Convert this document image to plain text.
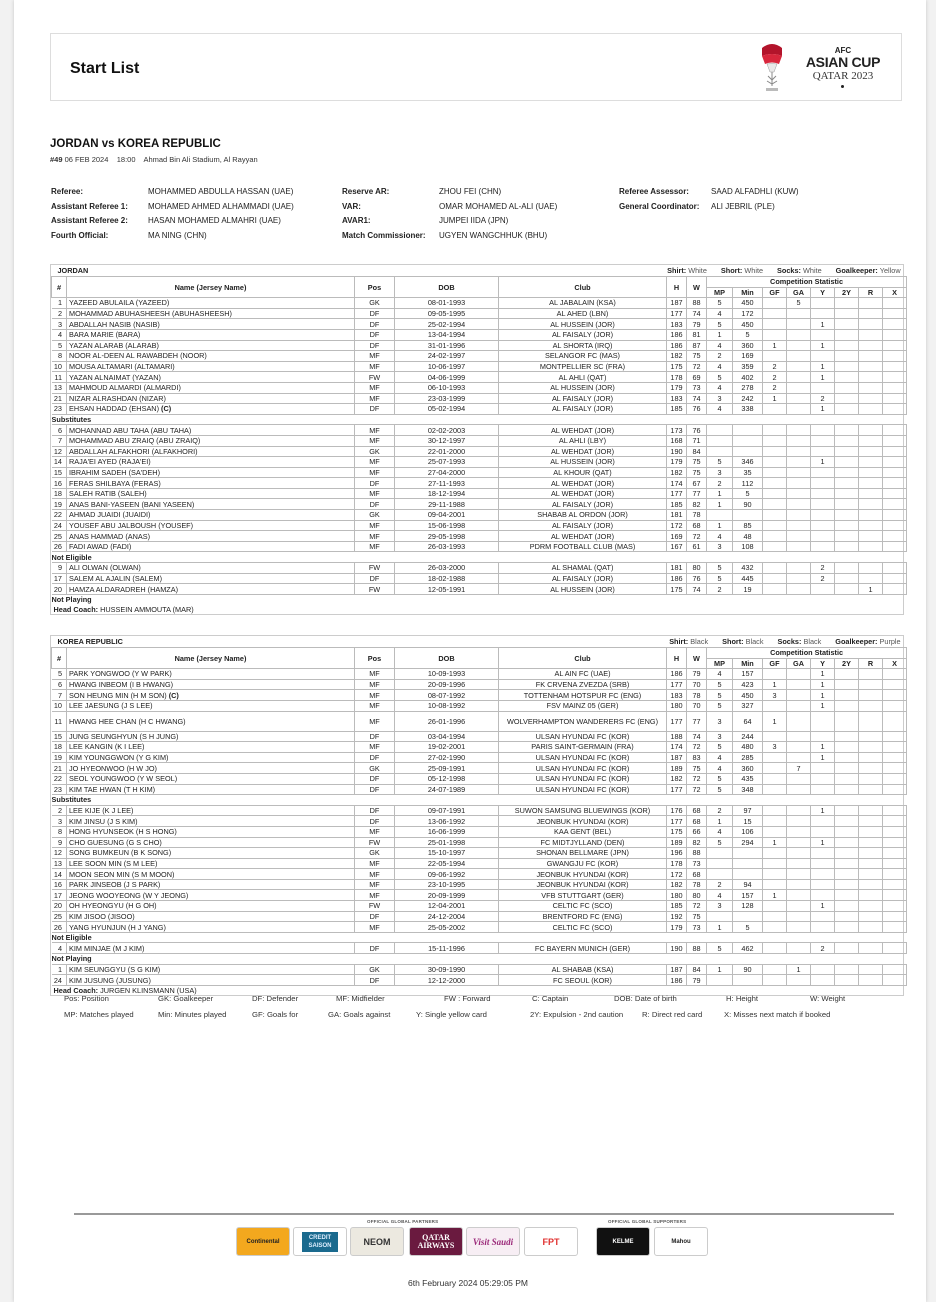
Start List
AFC
ASIAN CUP
QATAR 2023
JORDAN vs KOREA REPUBLIC
#49 06 FEB 2024 18:00 Ahmad Bin Ali Stadium, Al Rayyan
Referee:	MOHAMMED ABDULLA HASSAN (UAE)
Assistant Referee 1:	MOHAMED AHMED ALHAMMADI (UAE)
Assistant Referee 2:	HASAN MOHAMED ALMAHRI (UAE)
Fourth Official:	MA NING (CHN)
Reserve AR:	ZHOU FEI (CHN)
VAR:	OMAR MOHAMED AL-ALI (UAE)
AVAR1:	JUMPEI IIDA (JPN)
Match Commissioner: UGYEN WANGCHHUK (BHU)
Referee Assessor:	SAAD ALFADHLI (KUW)
General Coordinator: ALI JEBRIL (PLE)
JORDAN			Shirt: White Short: White Socks: White Goalkeeper: Yellow											
#	Name (Jersey Name)	Pos	DOB	Club	H	W	Competition Statistic							
							MP	Min	GF	GA	Y	2Y	R	X
1	YAZEED ABULAILA (YAZEED)	GK	08-01-1993	AL JABALAIN (KSA)	187	88	5	450		5				
2	MOHAMMAD ABUHASHEESH (ABUHASHEESH)	DF	09-05-1995	AL AHED (LBN)	177	74	4	172						
3	ABDALLAH NASIB (NASIB)	DF	25-02-1994	AL HUSSEIN (JOR)	183	79	5	450			1			
4	BARA MARIE (BARA)	DF	13-04-1994	AL FAISALY (JOR)	186	81	1	5						
5	YAZAN ALARAB (ALARAB)	DF	31-01-1996	AL SHORTA (IRQ)	186	87	4	360	1		1			
8	NOOR AL-DEEN AL RAWABDEH (NOOR)	MF	24-02-1997	SELANGOR FC (MAS)	182	75	2	169						
10	MOUSA ALTAMARI (ALTAMARI)	MF	10-06-1997	MONTPELLIER SC (FRA)	175	72	4	359	2		1			
11	YAZAN ALNAIMAT (YAZAN)	FW	04-06-1999	AL AHLI (QAT)	178	69	5	402	2		1			
13	MAHMOUD ALMARDI (ALMARDI)	MF	06-10-1993	AL HUSSEIN (JOR)	179	73	4	278	2					
21	NIZAR ALRASHDAN (NIZAR)	MF	23-03-1999	AL FAISALY (JOR)	183	74	3	242	1		2			
23	EHSAN HADDAD (EHSAN) (C)	DF	05-02-1994	AL FAISALY (JOR)	185	76	4	338			1			
Substitutes														
6	MOHANNAD ABU TAHA (ABU TAHA)	MF	02-02-2003	AL WEHDAT (JOR)	173	76								
7	MOHAMMAD ABU ZRAIQ (ABU ZRAIQ)	MF	30-12-1997	AL AHLI (LBY)	168	71								
12	ABDALLAH ALFAKHORI (ALFAKHORI)	GK	22-01-2000	AL WEHDAT (JOR)	190	84								
14	RAJA'EI AYED (RAJA'EI)	MF	25-07-1993	AL HUSSEIN (JOR)	179	75	5	346			1			
15	IBRAHIM SADEH (SA'DEH)	MF	27-04-2000	AL KHOUR (QAT)	182	75	3	35						
16	FERAS SHILBAYA (FERAS)	DF	27-11-1993	AL WEHDAT (JOR)	174	67	2	112						
18	SALEH RATIB (SALEH)	MF	18-12-1994	AL WEHDAT (JOR)	177	77	1	5						
19	ANAS BANI-YASEEN (BANI YASEEN)	DF	29-11-1988	AL FAISALY (JOR)	185	82	1	90						
22	AHMAD JUAIDI (JUAIDI)	GK	09-04-2001	SHABAB AL ORDON (JOR)	181	78								
24	YOUSEF ABU JALBOUSH (YOUSEF)	MF	15-06-1998	AL FAISALY (JOR)	172	68	1	85						
25	ANAS HAMMAD (ANAS)	MF	29-05-1998	AL WEHDAT (JOR)	169	72	4	48						
26	FADI AWAD (FADI)	MF	26-03-1993	PDRM FOOTBALL CLUB (MAS)	167	61	3	108						
Not Eligible														
9	ALI OLWAN (OLWAN)	FW	26-03-2000	AL SHAMAL (QAT)	181	80	5	432			2			
17	SALEM AL AJALIN (SALEM)	DF	18-02-1988	AL FAISALY (JOR)	186	76	5	445			2			
20	HAMZA ALDARADREH (HAMZA)	FW	12-05-1991	AL HUSSEIN (JOR)	175	74	2	19					1	
Not Playing														
Head Coach: HUSSEIN AMMOUTA (MAR)														
KOREA REPUBLIC			Shirt: Black Short: Black Socks: Black Goalkeeper: Purple											
#	Name (Jersey Name)	Pos	DOB	Club	H	W	Competition Statistic							
							MP	Min	GF	GA	Y	2Y	R	X
5	PARK YONGWOO (Y W PARK)	MF	10-09-1993	AL AIN FC (UAE)	186	79	4	157			1			
6	HWANG INBEOM (I B HWANG)	MF	20-09-1996	FK CRVENA ZVEZDA (SRB)	177	70	5	423	1		1			
7	SON HEUNG MIN (H M SON) (C)	MF	08-07-1992	TOTTENHAM HOTSPUR FC (ENG)	183	78	5	450	3		1			
10	LEE JAESUNG (J S LEE)	MF	10-08-1992	FSV MAINZ 05 (GER)	180	70	5	327			1			
11	HWANG HEE CHAN (H C HWANG)	MF	26-01-1996	WOLVERHAMPTON WANDERERS FC (ENG)	177	77	3	64	1					
15	JUNG SEUNGHYUN (S H JUNG)	DF	03-04-1994	ULSAN HYUNDAI FC (KOR)	188	74	3	244						
18	LEE KANGIN (K I LEE)	MF	19-02-2001	PARIS SAINT-GERMAIN (FRA)	174	72	5	480	3		1			
19	KIM YOUNGGWON (Y G KIM)	DF	27-02-1990	ULSAN HYUNDAI FC (KOR)	187	83	4	285			1			
21	JO HYEONWOO (H W JO)	GK	25-09-1991	ULSAN HYUNDAI FC (KOR)	189	75	4	360		7				
22	SEOL YOUNGWOO (Y W SEOL)	DF	05-12-1998	ULSAN HYUNDAI FC (KOR)	182	72	5	435						
23	KIM TAE HWAN (T H KIM)	DF	24-07-1989	ULSAN HYUNDAI FC (KOR)	177	72	5	348						
Substitutes														
2	LEE KIJE (K J LEE)	DF	09-07-1991	SUWON SAMSUNG BLUEWINGS (KOR)	176	68	2	97			1			
3	KIM JINSU (J S KIM)	DF	13-06-1992	JEONBUK HYUNDAI (KOR)	177	68	1	15						
8	HONG HYUNSEOK (H S HONG)	MF	16-06-1999	KAA GENT (BEL)	175	66	4	106						
9	CHO GUESUNG (G S CHO)	FW	25-01-1998	FC MIDTJYLLAND (DEN)	189	82	5	294	1		1			
12	SONG BUMKEUN (B K SONG)	GK	15-10-1997	SHONAN BELLMARE (JPN)	196	88								
13	LEE SOON MIN (S M LEE)	MF	22-05-1994	GWANGJU FC (KOR)	178	73								
14	MOON SEON MIN (S M MOON)	MF	09-06-1992	JEONBUK HYUNDAI (KOR)	172	68								
16	PARK JINSEOB (J S PARK)	MF	23-10-1995	JEONBUK HYUNDAI (KOR)	182	78	2	94						
17	JEONG WOOYEONG (W Y JEONG)	MF	20-09-1999	VFB STUTTGART (GER)	180	80	4	157	1					
20	OH HYEONGYU (H G OH)	FW	12-04-2001	CELTIC FC (SCO)	185	72	3	128			1			
25	KIM JISOO (JISOO)	DF	24-12-2004	BRENTFORD FC (ENG)	192	75								
26	YANG HYUNJUN (H J YANG)	MF	25-05-2002	CELTIC FC (SCO)	179	73	1	5						
Not Eligible														
4	KIM MINJAE (M J KIM)	DF	15-11-1996	FC BAYERN MUNICH (GER)	190	88	5	462			2			
Not Playing														
1	KIM SEUNGGYU (S G KIM)	GK	30-09-1990	AL SHABAB (KSA)	187	84	1	90		1				
24	KIM JUSUNG (JUSUNG)	DF	12-12-2000	FC SEOUL (KOR)	186	79								
Head Coach: JURGEN KLINSMANN (USA)														
Pos: Position	GK: Goalkeeper	DF: Defender	MF: Midfielder	FW : Forward	C: Captain	DOB: Date of birth	H: Height	W: Weight
MP: Matches played	Min: Minutes played	GF: Goals for	GA: Goals against	Y: Single yellow card	2Y: Expulsion - 2nd caution R: Direct red card	X: Misses next match if booked
OFFICIAL GLOBAL PARTNERS	OFFICIAL GLOBAL SUPPORTERS
Continental
CREDIT SAISON	NEOM	QATAR AIRWAYS	Visit Saudi	FPT	KELME	Mahou
6th February 2024 05:29:05 PM
